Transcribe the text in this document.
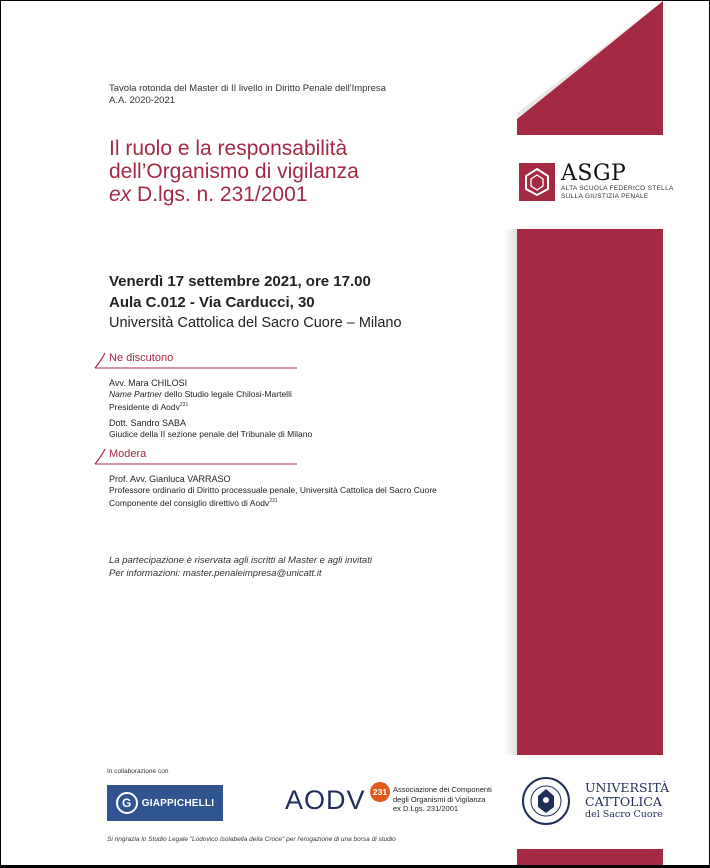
ASGP
ALTA SCUOLA FEDERICO STELLA
SULLA GIUSTIZIA PENALE
Tavola rotonda del Master di II livello in Diritto Penale dell'Impresa
A.A. 2020-2021
Il ruolo e la responsabilità
dell’Organismo di vigilanza
ex D.lgs. n. 231/2001
Venerdì 17 settembre 2021, ore 17.00
Aula C.012 - Via Carducci, 30
Università Cattolica del Sacro Cuore – Milano
Ne discutono
Avv. Mara CHILOSI
Name Partner dello Studio legale Chilosi-Martelli
Presidente di Aodv$^{231}$
Dott. Sandro SABA
Giudice della II sezione penale del Tribunale di Milano
Modera
Prof. Avv. Gianluca VARRASO
Professore ordinario di Diritto processuale penale, Università Cattolica del Sacro Cuore
Componente del consiglio direttivo di Aodv$^{231}$
La partecipazione è riservata agli iscritti al Master e agli invitati
Per informazioni: master.penaleimpresa@unicatt.it
In collaborazione con
G	GIAPPICHELLI	AODV 231 Associazione dei Componenti
degli Organismi di Vigilanza
ex D.Lgs. 231/2001
UNIVERSITÀ
CATTOLICA
del Sacro Cuore
Si ringrazia lo Studio Legale "Lodovico Isolabella della Croce" per l'erogazione di una borsa di studio
